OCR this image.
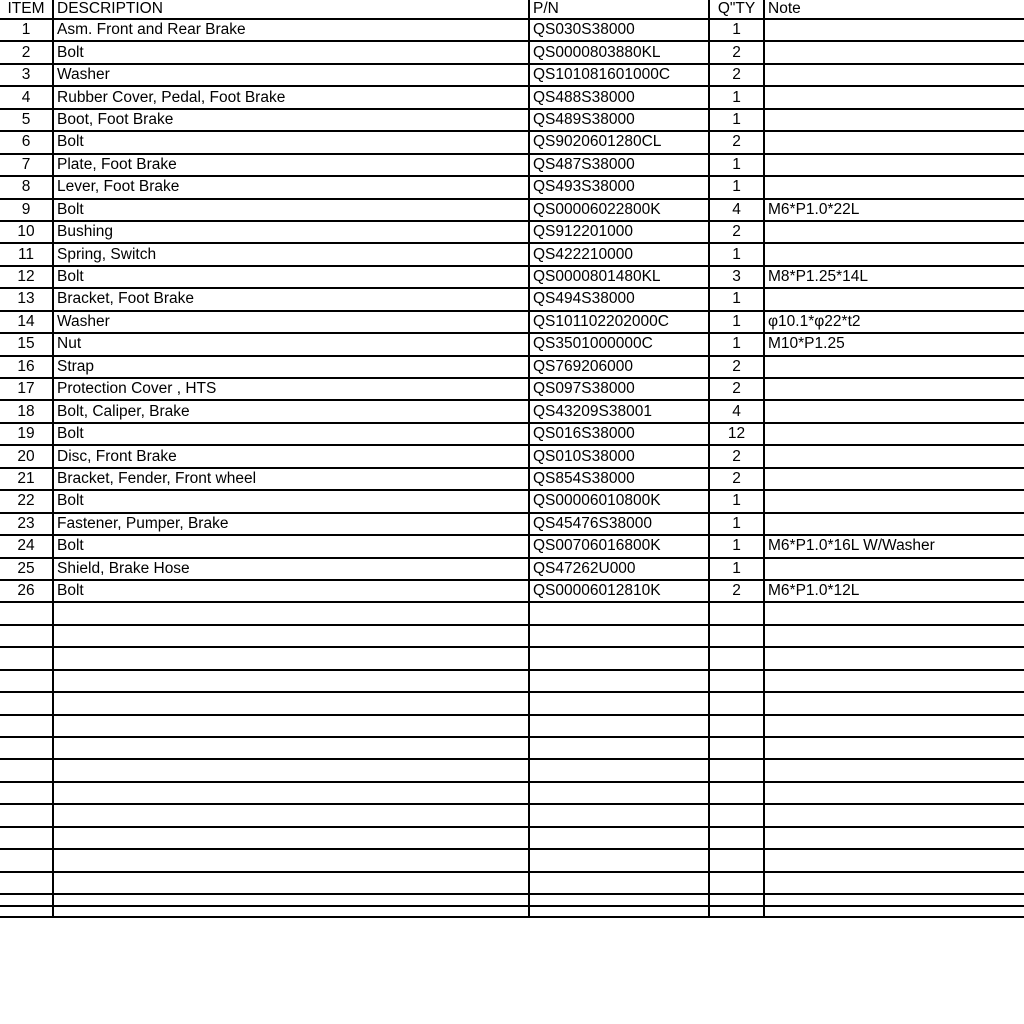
ITEM	DESCRIPTION	P/N	Q"TY	Note
1	Asm. Front and Rear Brake	QS030S38000	1	
2	Bolt	QS0000803880KL	2	
3	Washer	QS101081601000C	2	
4	Rubber Cover, Pedal, Foot Brake	QS488S38000	1	
5	Boot, Foot Brake	QS489S38000	1	
6	Bolt	QS9020601280CL	2	
7	Plate, Foot Brake	QS487S38000	1	
8	Lever, Foot Brake	QS493S38000	1	
9	Bolt	QS00006022800K	4	M6*P1.0*22L
10	Bushing	QS912201000	2	
11	Spring, Switch	QS422210000	1	
12	Bolt	QS0000801480KL	3	M8*P1.25*14L
13	Bracket, Foot Brake	QS494S38000	1	
14	Washer	QS101102202000C	1	φ10.1*φ22*t2
15	Nut	QS3501000000C	1	M10*P1.25
16	Strap	QS769206000	2	
17	Protection Cover , HTS	QS097S38000	2	
18	Bolt, Caliper, Brake	QS43209S38001	4	
19	Bolt	QS016S38000	12	
20	Disc, Front Brake	QS010S38000	2	
21	Bracket, Fender, Front wheel	QS854S38000	2	
22	Bolt	QS00006010800K	1	
23	Fastener, Pumper, Brake	QS45476S38000	1	
24	Bolt	QS00706016800K	1	M6*P1.0*16L W/Washer
25	Shield, Brake Hose	QS47262U000	1	
26	Bolt	QS00006012810K	2	M6*P1.0*12L
